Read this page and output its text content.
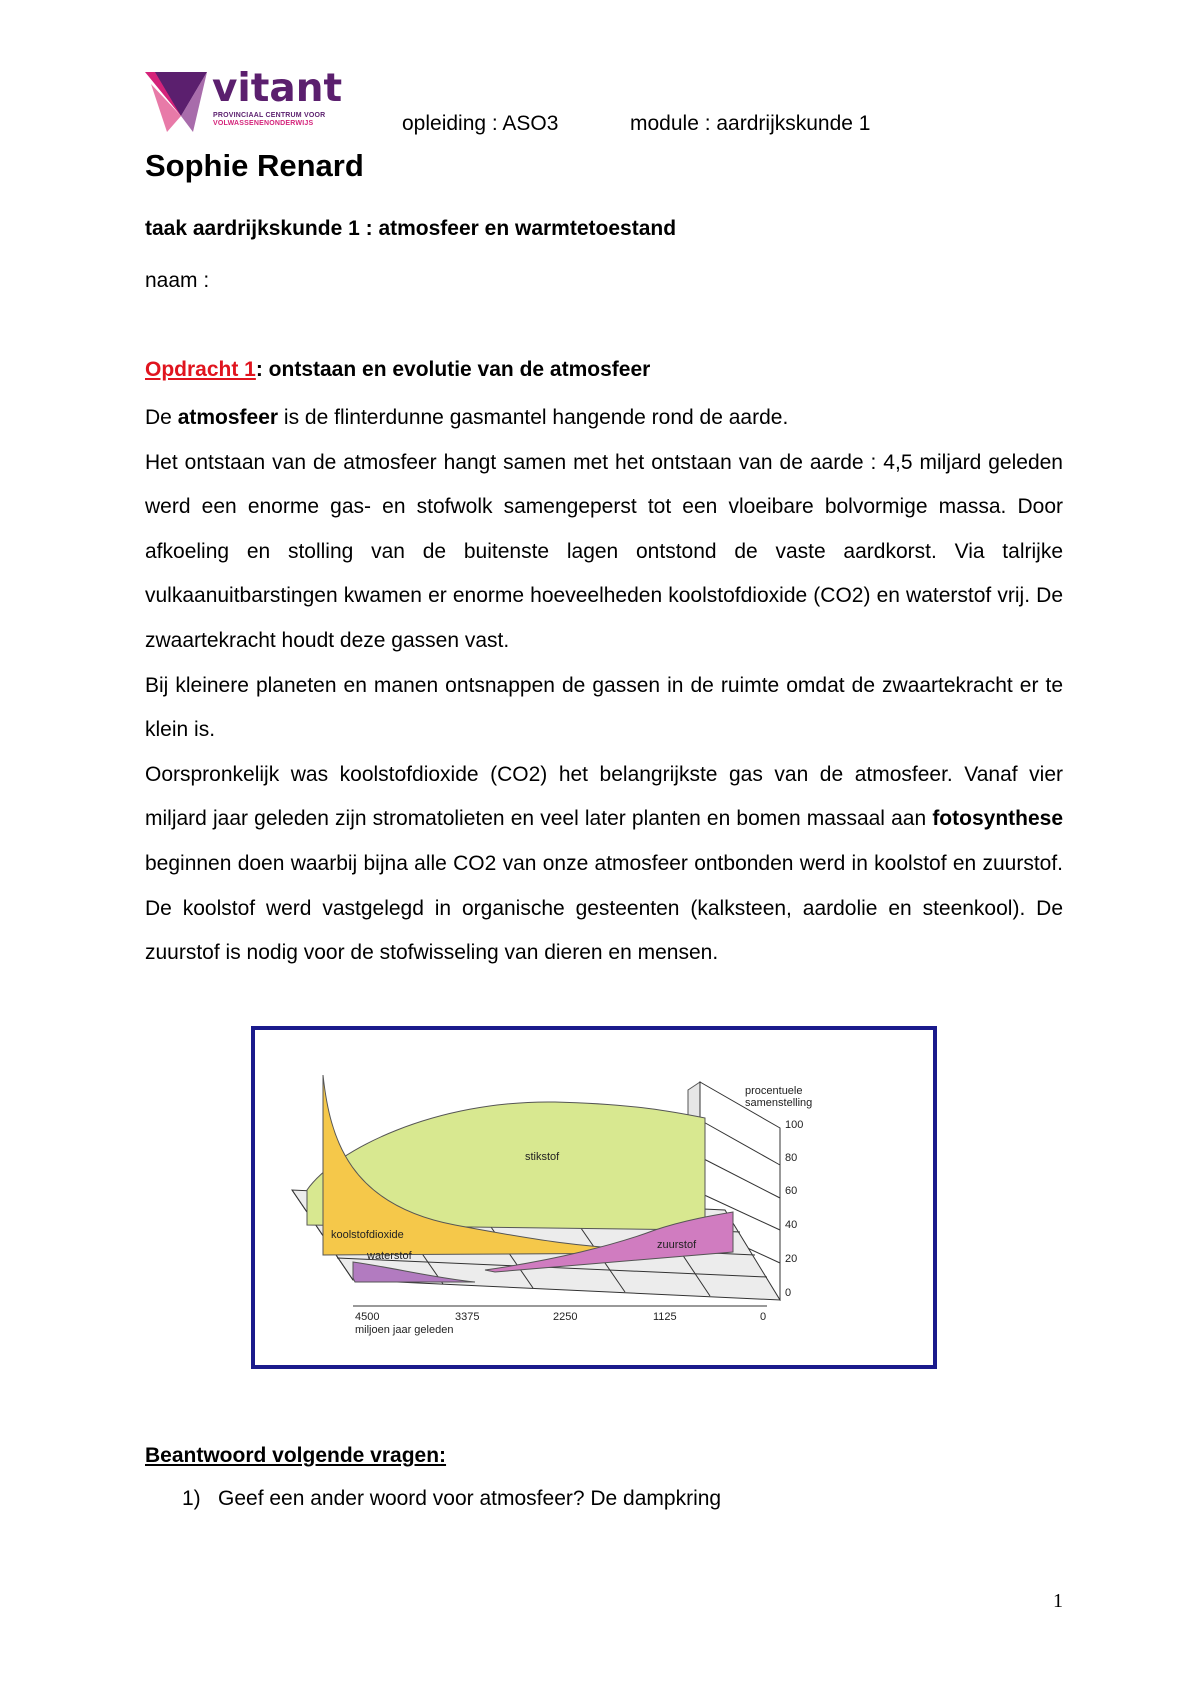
vitant
PROVINCIAAL CENTRUM VOOR
VOLWASSENENONDERWIJS	opleiding : ASO3	module : aardrijkskunde 1
Sophie Renard
taak aardrijkskunde 1 : atmosfeer en warmtetoestand
naam :
Opdracht 1: ontstaan en evolutie van de atmosfeer

De atmosfeer is de flinterdunne gasmantel hangende rond de aarde.

Het ontstaan van de atmosfeer hangt samen met het ontstaan van de aarde : 4,5 miljard geleden werd een enorme gas- en stofwolk samengeperst tot een vloeibare bolvormige massa. Door afkoeling en stolling van de buitenste lagen ontstond de vaste aardkorst. Via talrijke vulkaanuitbarstingen kwamen er enorme hoeveelheden koolstofdioxide (CO2) en waterstof vrij. De zwaartekracht houdt deze gassen vast.

Bij kleinere planeten en manen ontsnappen de gassen in de ruimte omdat de zwaartekracht er te klein is.

Oorspronkelijk was koolstofdioxide (CO2) het belangrijkste gas van de atmosfeer. Vanaf vier miljard jaar geleden zijn stromatolieten en veel later planten en bomen massaal aan fotosynthese beginnen doen waarbij bijna alle CO2 van onze atmosfeer ontbonden werd in koolstof en zuurstof. De koolstof werd vastgelegd in organische gesteenten (kalksteen, aardolie en steenkool). De zuurstof is nodig voor de stofwisseling van dieren en mensen.

stikstof
koolstofdioxide
waterstof
zuurstof
procentuele
samenstelling
100
80
60
40
20
0
4500	3375	2250	1125	0
miljoen jaar geleden
Beantwoord volgende vragen:
1) Geef een ander woord voor atmosfeer? De dampkring
1
